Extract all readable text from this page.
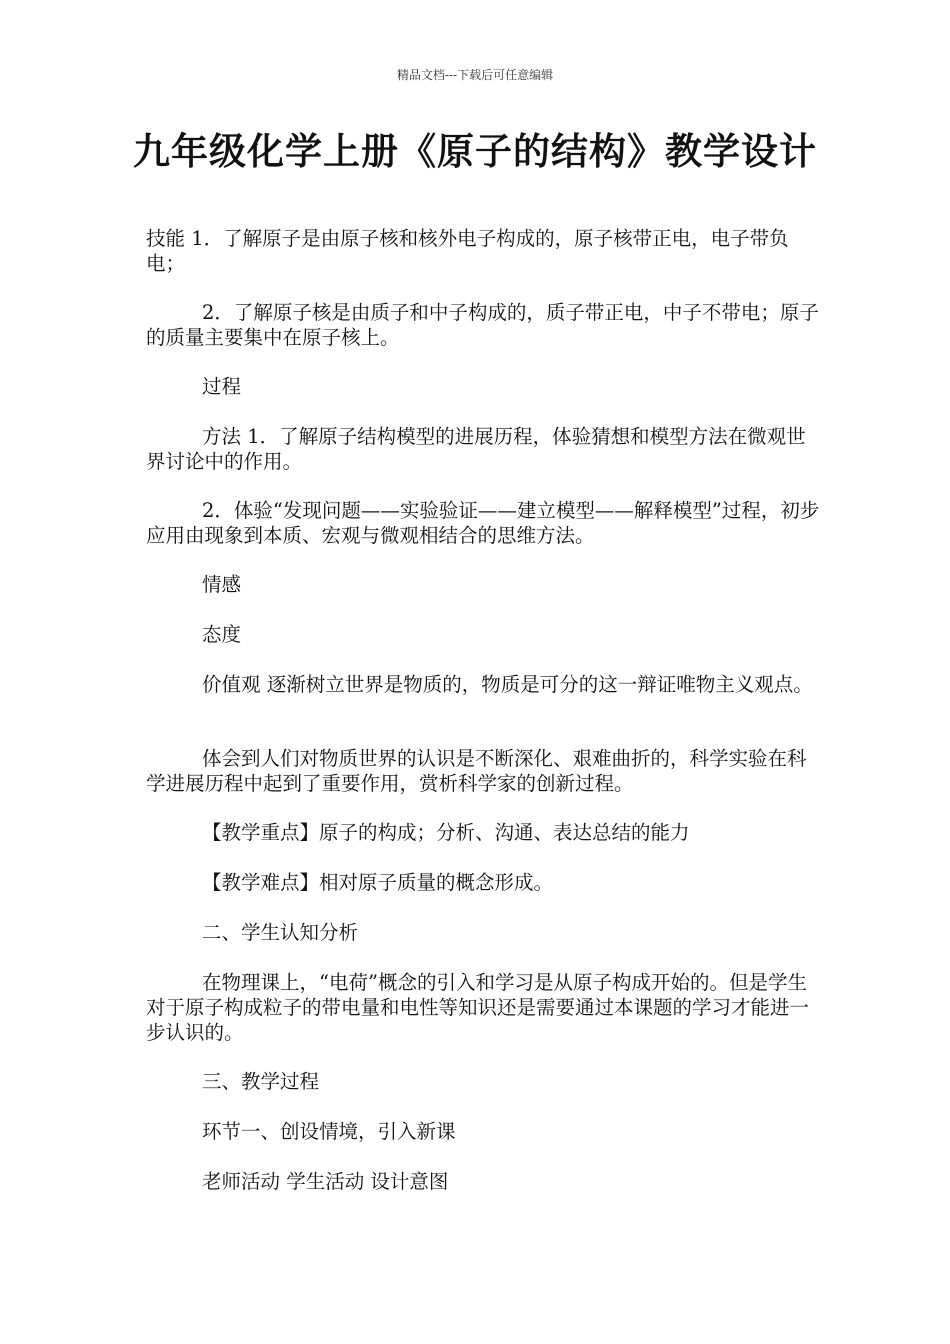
精品文档---下载后可任意编辑
九年级化学上册《原子的结构》教学设计

技能 1．了解原子是由原子核和核外电子构成的，原子核带正电，电子带负电；

2．了解原子核是由质子和中子构成的，质子带正电，中子不带电；原子的质量主要集中在原子核上。

过程

方法 1．了解原子结构模型的进展历程，体验猜想和模型方法在微观世界讨论中的作用。

2．体验“发现问题——实验验证——建立模型——解释模型”过程，初步应用由现象到本质、宏观与微观相结合的思维方法。

情感

态度

价值观 逐渐树立世界是物质的，物质是可分的这一辩证唯物主义观点。

体会到人们对物质世界的认识是不断深化、艰难曲折的，科学实验在科学进展历程中起到了重要作用，赏析科学家的创新过程。

【教学重点】原子的构成；分析、沟通、表达总结的能力

【教学难点】相对原子质量的概念形成。

二、学生认知分析

在物理课上，“电荷”概念的引入和学习是从原子构成开始的。但是学生对于原子构成粒子的带电量和电性等知识还是需要通过本课题的学习才能进一步认识的。

三、教学过程

环节一、创设情境，引入新课

老师活动 学生活动 设计意图
